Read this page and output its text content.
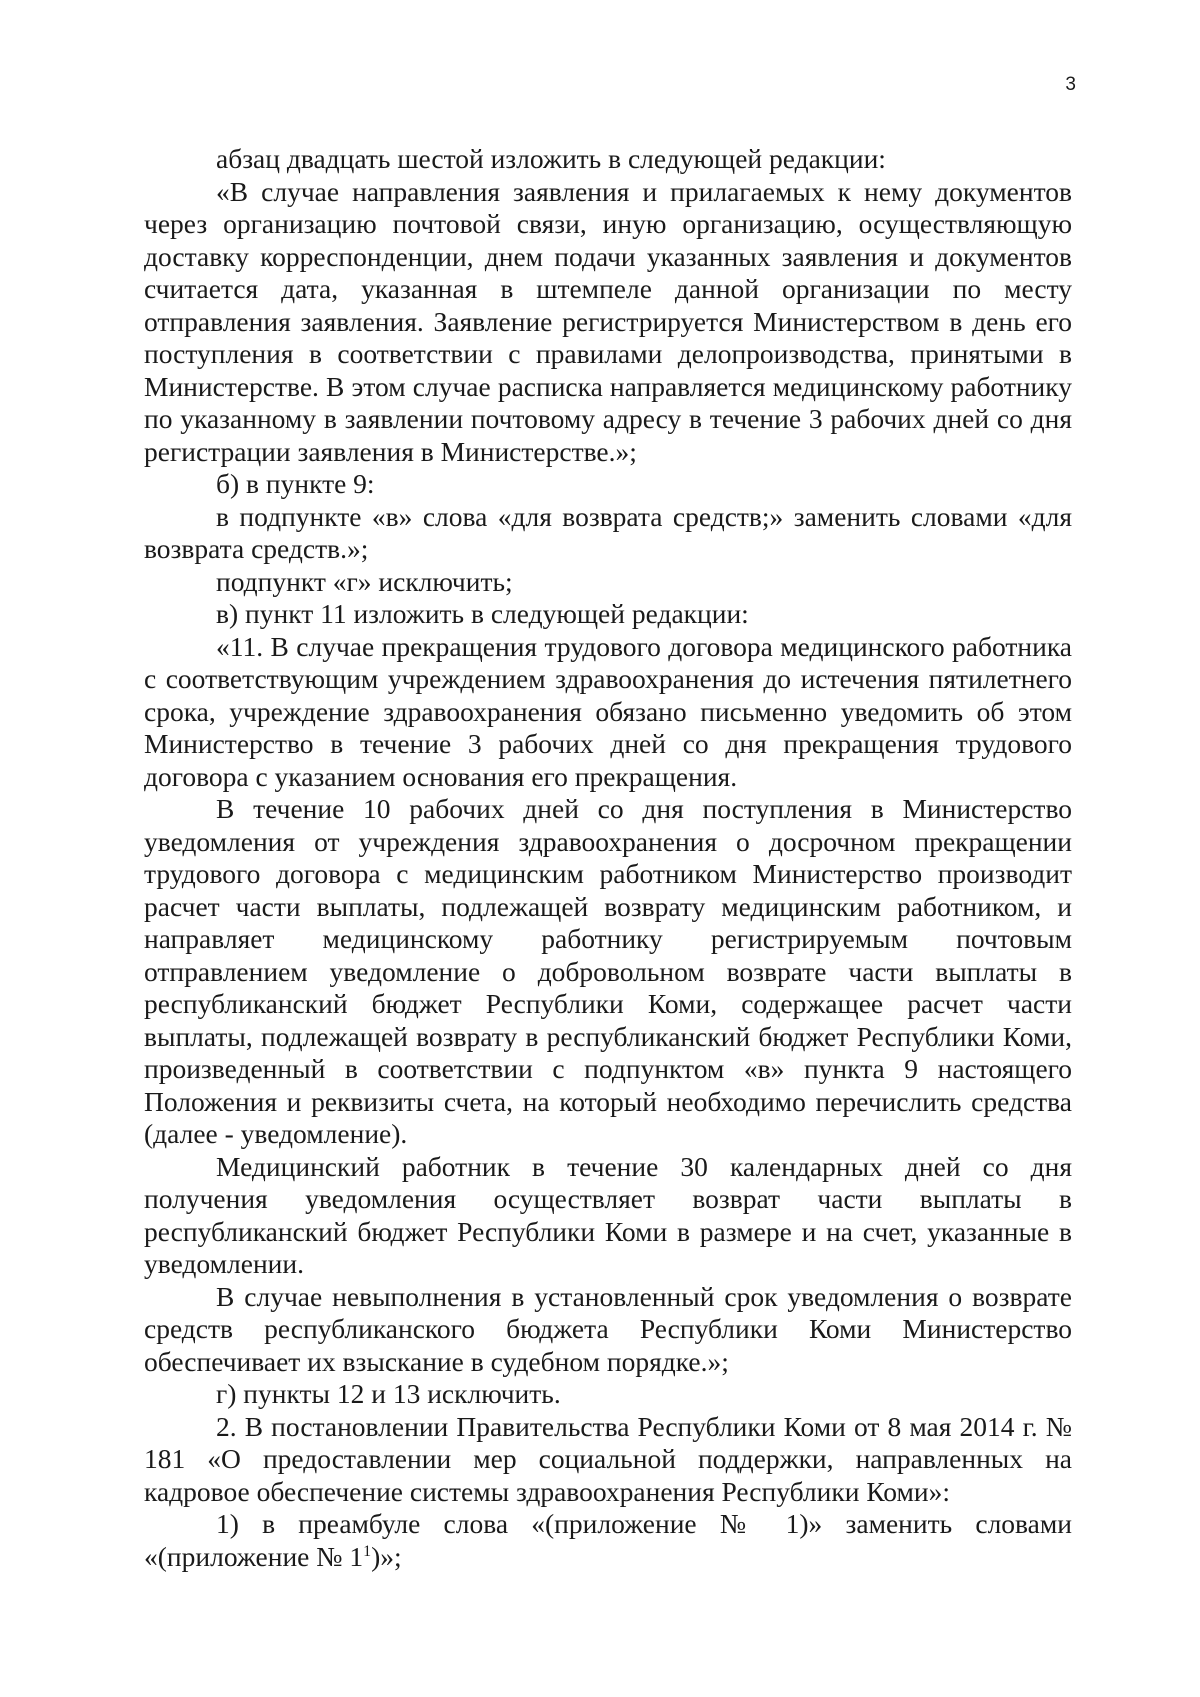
3

абзац двадцать шестой изложить в следующей редакции:

«В случае направления заявления и прилагаемых к нему документов через организацию почтовой связи, иную организацию, осуществляющую доставку корреспонденции, днем подачи указанных заявления и документов считается дата, указанная в штемпеле данной организации по месту отправления заявления. Заявление регистрируется Министерством в день его поступления в соответствии с правилами делопроизводства, принятыми в Министерстве. В этом случае расписка направляется медицинскому работнику по указанному в заявлении почтовому адресу в течение 3 рабочих дней со дня регистрации заявления в Министерстве.»;

б) в пункте 9:

в подпункте «в» слова «для возврата средств;» заменить словами «для возврата средств.»;

подпункт «г» исключить;

в) пункт 11 изложить в следующей редакции:

«11. В случае прекращения трудового договора медицинского работника с соответствующим учреждением здравоохранения до истечения пятилетнего срока, учреждение здравоохранения обязано письменно уведомить об этом Министерство в течение 3 рабочих дней со дня прекращения трудового договора с указанием основания его прекращения.

В течение 10 рабочих дней со дня поступления в Министерство уведомления от учреждения здравоохранения о досрочном прекращении трудового договора с медицинским работником Министерство производит расчет части выплаты, подлежащей возврату медицинским работником, и направляет медицинскому работнику регистрируемым почтовым отправлением уведомление о добровольном возврате части выплаты в республиканский бюджет Республики Коми, содержащее расчет части выплаты, подлежащей возврату в республиканский бюджет Республики Коми, произведенный в соответствии с подпунктом «в» пункта 9 настоящего Положения и реквизиты счета, на который необходимо перечислить средства (далее - уведомление).

Медицинский работник в течение 30 календарных дней со дня получения уведомления осуществляет возврат части выплаты в республиканский бюджет Республики Коми в размере и на счет, указанные в уведомлении.

В случае невыполнения в установленный срок уведомления о возврате средств республиканского бюджета Республики Коми Министерство обеспечивает их взыскание в судебном порядке.»;

г) пункты 12 и 13 исключить.

2. В постановлении Правительства Республики Коми от 8 мая 2014 г. № 181 «О предоставлении мер социальной поддержки, направленных на кадровое обеспечение системы здравоохранения Республики Коми»:

1) в преамбуле слова «(приложение № 1)» заменить словами «(приложение № $1^1$)»;
